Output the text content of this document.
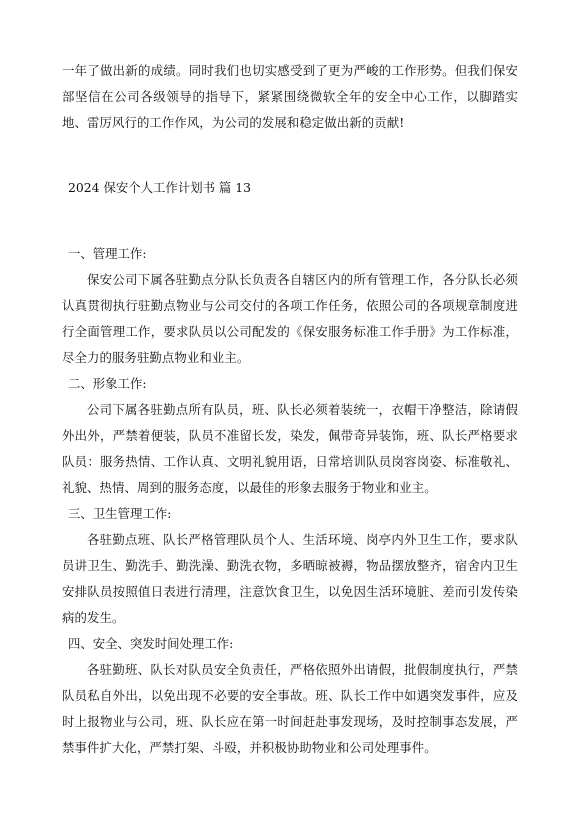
一年了做出新的成绩。同时我们也切实感受到了更为严峻的工作形势。但我们保安部坚信在公司各级领导的指导下，紧紧围绕微软全年的安全中心工作，以脚踏实地、雷厉风行的工作作风，为公司的发展和稳定做出新的贡献!

2024 保安个人工作计划书 篇 13

一、管理工作:

保安公司下属各驻勤点分队长负责各自辖区内的所有管理工作，各分队长必须认真贯彻执行驻勤点物业与公司交付的各项工作任务，依照公司的各项规章制度进行全面管理工作，要求队员以公司配发的《保安服务标准工作手册》为工作标准，尽全力的服务驻勤点物业和业主。

二、形象工作:

公司下属各驻勤点所有队员，班、队长必须着装统一，衣帽干净整洁，除请假外出外，严禁着便装，队员不准留长发，染发，佩带奇异装饰，班、队长严格要求队员：服务热情、工作认真、文明礼貌用语，日常培训队员岗容岗姿、标准敬礼、礼貌、热情、周到的服务态度，以最佳的形象去服务于物业和业主。

三、卫生管理工作:

各驻勤点班、队长严格管理队员个人、生活环境、岗亭内外卫生工作，要求队员讲卫生、勤洗手、勤洗澡、勤洗衣物，多晒晾被褥，物品摆放整齐，宿舍内卫生安排队员按照值日表进行清理，注意饮食卫生，以免因生活环境脏、差而引发传染病的发生。

四、安全、突发时间处理工作:

各驻勤班、队长对队员安全负责任，严格依照外出请假，批假制度执行，严禁队员私自外出，以免出现不必要的安全事故。班、队长工作中如遇突发事件，应及时上报物业与公司，班、队长应在第一时间赶赴事发现场，及时控制事态发展，严禁事件扩大化，严禁打架、斗殴，并积极协助物业和公司处理事件。
